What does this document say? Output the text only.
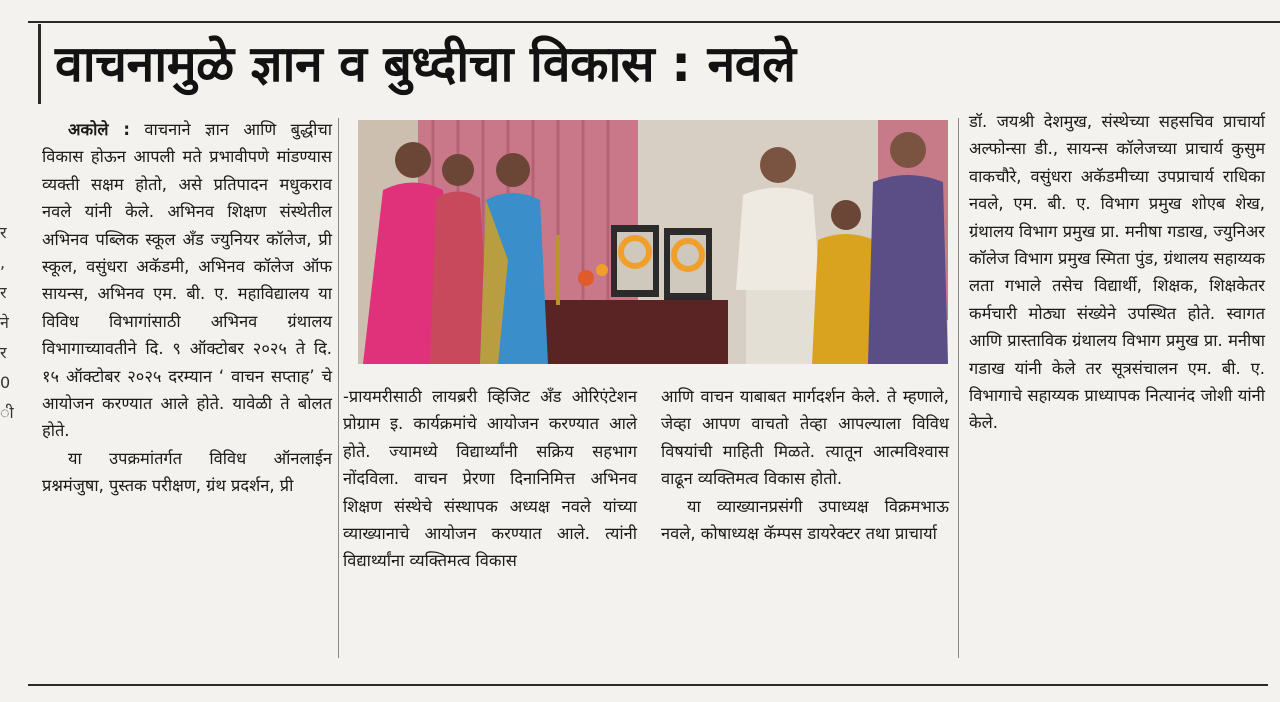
वाचनामुळे ज्ञान व बुध्दीचा विकास : नवले
र
,
र
ने
र
0
ी

अकोले : वाचनाने ज्ञान आणि बुद्धीचा विकास होऊन आपली मते प्रभावीपणे मांडण्यास व्यक्ती सक्षम होतो, असे प्रतिपादन मधुकराव नवले यांनी केले. अभिनव शिक्षण संस्थेतील अभिनव पब्लिक स्कूल अँड ज्युनियर कॉलेज, प्री स्कूल, वसुंधरा अकॅडमी, अभिनव कॉलेज ऑफ सायन्स, अभिनव एम. बी. ए. महाविद्यालय या विविध विभागांसाठी अभिनव ग्रंथालय विभागाच्यावतीने दि. ९ ऑक्टोबर २०२५ ते दि. १५ ऑक्टोबर २०२५ दरम्यान ‘ वाचन सप्ताह’ चे आयोजन करण्यात आले होते. यावेळी ते बोलत होते.

या उपक्रमांतर्गत विविध ऑनलाईन प्रश्नमंजुषा, पुस्तक परीक्षण, ग्रंथ प्रदर्शन, प्री

-प्रायमरीसाठी लायब्ररी व्हिजिट अँड ओरिएंटेशन प्रोग्राम इ. कार्यक्रमांचे आयोजन करण्यात आले होते. ज्यामध्ये विद्यार्थ्यांनी सक्रिय सहभाग नोंदविला. वाचन प्रेरणा दिनानिमित्त अभिनव शिक्षण संस्थेचे संस्थापक अध्यक्ष नवले यांच्या व्याख्यानाचे आयोजन करण्यात आले. त्यांनी विद्यार्थ्यांना व्यक्तिमत्व विकास

आणि वाचन याबाबत मार्गदर्शन केले. ते म्हणाले, जेव्हा आपण वाचतो तेव्हा आपल्याला विविध विषयांची माहिती मिळते. त्यातून आत्मविश्वास वाढून व्यक्तिमत्व विकास होतो.

या व्याख्यानप्रसंगी उपाध्यक्ष विक्रमभाऊ नवले, कोषाध्यक्ष कॅम्पस डायरेक्टर तथा प्राचार्या

डॉ. जयश्री देशमुख, संस्थेच्या सहसचिव प्राचार्या अल्फोन्सा डी., सायन्स कॉलेजच्या प्राचार्य कुसुम वाकचौरे, वसुंधरा अकॅडमीच्या उपप्राचार्य राधिका नवले, एम. बी. ए. विभाग प्रमुख शोएब शेख, ग्रंथालय विभाग प्रमुख प्रा. मनीषा गडाख, ज्युनिअर कॉलेज विभाग प्रमुख स्मिता पुंड, ग्रंथालय सहाय्यक लता गभाले तसेच विद्यार्थी, शिक्षक, शिक्षकेतर कर्मचारी मोठ्या संख्येने उपस्थित होते. स्वागत आणि प्रास्ताविक ग्रंथालय विभाग प्रमुख प्रा. मनीषा गडाख यांनी केले तर सूत्रसंचालन एम. बी. ए. विभागाचे सहाय्यक प्राध्यापक नित्यानंद जोशी यांनी केले.
